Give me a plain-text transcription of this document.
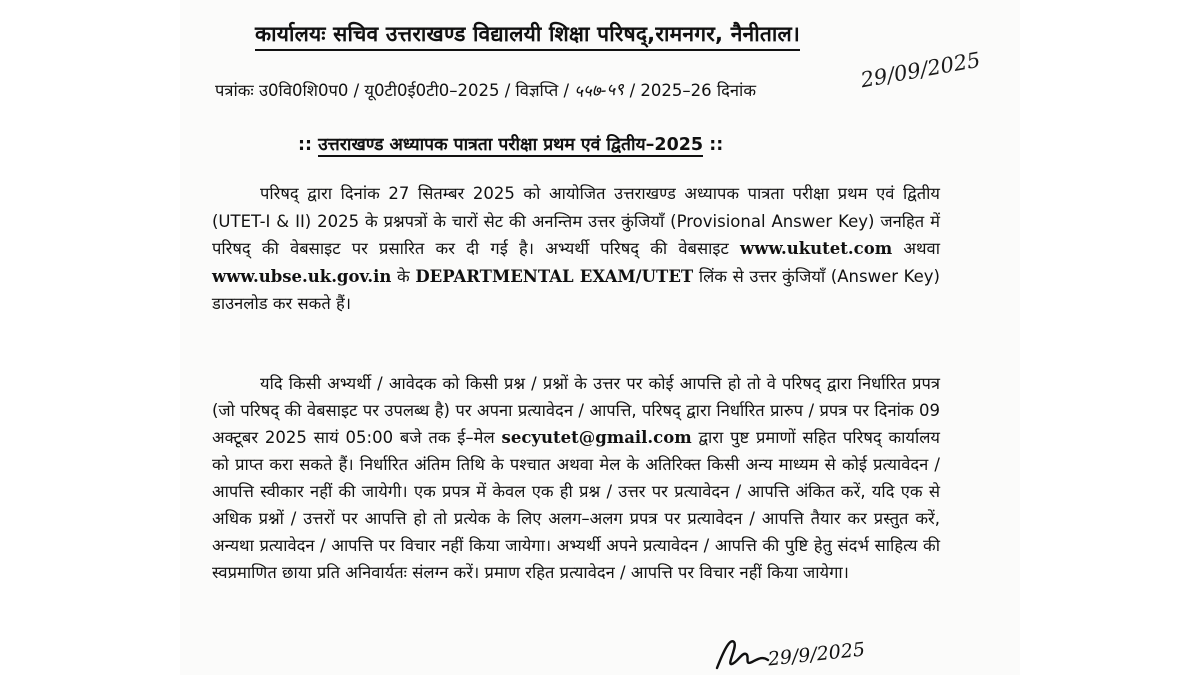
कार्यालयः सचिव उत्तराखण्ड विद्यालयी शिक्षा परिषद्,रामनगर, नैनीताल।
पत्रांकः उ0वि0शि0प0 / यू0टी0ई0टी0–2025 / विज्ञप्ति / ५५७-५९ / 2025–26 दिनांक	29/09/2025
:: उत्तराखण्ड अध्यापक पात्रता परीक्षा प्रथम एवं द्वितीय–2025 ::
परिषद् द्वारा दिनांक 27 सितम्बर 2025 को आयोजित उत्तराखण्ड अध्यापक पात्रता परीक्षा प्रथम एवं द्वितीय (UTET-I & II) 2025 के प्रश्नपत्रों के चारों सेट की अनन्तिम उत्तर कुंजियाँ (Provisional Answer Key) जनहित में परिषद् की वेबसाइट पर प्रसारित कर दी गई है। अभ्यर्थी परिषद् की वेबसाइट www.ukutet.com अथवा www.ubse.uk.gov.in के DEPARTMENTAL EXAM/UTET लिंक से उत्तर कुंजियाँ (Answer Key) डाउनलोड कर सकते हैं।
यदि किसी अभ्यर्थी / आवेदक को किसी प्रश्न / प्रश्नों के उत्तर पर कोई आपत्ति हो तो वे परिषद् द्वारा निर्धारित प्रपत्र (जो परिषद् की वेबसाइट पर उपलब्ध है) पर अपना प्रत्यावेदन / आपत्ति, परिषद् द्वारा निर्धारित प्रारुप / प्रपत्र पर दिनांक 09 अक्टूबर 2025 सायं 05:00 बजे तक ई–मेल secyutet@gmail.com द्वारा पुष्ट प्रमाणों सहित परिषद् कार्यालय को प्राप्त करा सकते हैं। निर्धारित अंतिम तिथि के पश्चात अथवा मेल के अतिरिक्त किसी अन्य माध्यम से कोई प्रत्यावेदन / आपत्ति स्वीकार नहीं की जायेगी। एक प्रपत्र में केवल एक ही प्रश्न / उत्तर पर प्रत्यावेदन / आपत्ति अंकित करें, यदि एक से अधिक प्रश्नों / उत्तरों पर आपत्ति हो तो प्रत्येक के लिए अलग–अलग प्रपत्र पर प्रत्यावेदन / आपत्ति तैयार कर प्रस्तुत करें, अन्यथा प्रत्यावेदन / आपत्ति पर विचार नहीं किया जायेगा। अभ्यर्थी अपने प्रत्यावेदन / आपत्ति की पुष्टि हेतु संदर्भ साहित्य की स्वप्रमाणित छाया प्रति अनिवार्यतः संलग्न करें। प्रमाण रहित प्रत्यावेदन / आपत्ति पर विचार नहीं किया जायेगा।
29/9/2025
